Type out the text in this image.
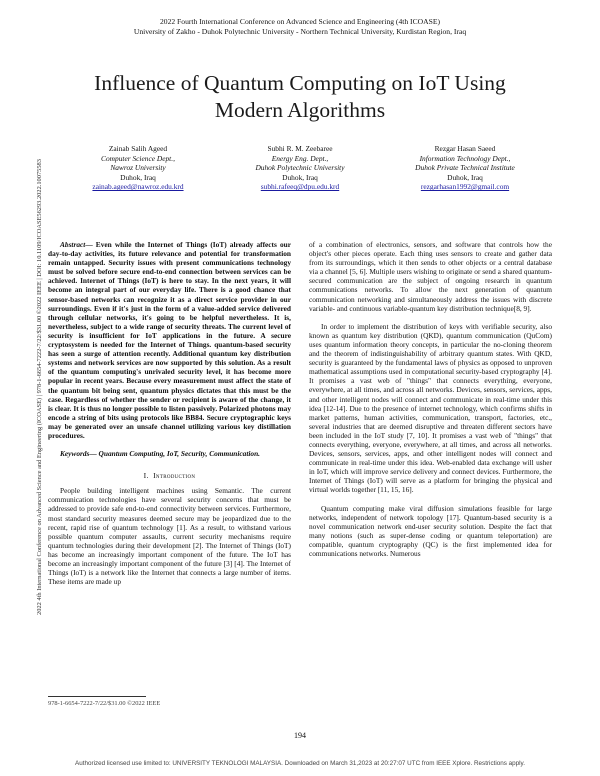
2022 4th International Conference on Advanced Science and Engineering (ICOASE) | 978-1-6654-7222-7/22/$31.00 ©2022 IEEE | DOI: 10.1109/ICOASE56293.2022.10075583
2022 Fourth International Conference on Advanced Science and Engineering (4th ICOASE)
University of Zakho - Duhok Polytechnic University - Northern Technical University, Kurdistan Region, Iraq
Influence of Quantum Computing on IoT Using
Modern Algorithms
Zainab Salih Ageed
Computer Science Dept.,
Nawroz University
Duhok, Iraq
zainab.ageed@nawroz.edu.krd
Subhi R. M. Zeebaree
Energy Eng. Dept.,
Duhok Polytechnic University
Duhok, Iraq
subhi.rafeeq@dpu.edu.krd
Rezgar Hasan Saeed
Information Technology Dept.,
Duhok Private Technical Institute
Duhok, Iraq
rezgarhasan1992@gmail.com

Abstract— Even while the Internet of Things (IoT) already affects our day-to-day activities, its future relevance and potential for transformation remain untapped. Security issues with present communications technology must be solved before secure end-to-end connection between services can be achieved. Internet of Things (IoT) is here to stay. In the next years, it will become an integral part of our everyday life. There is a good chance that sensor-based networks can recognize it as a direct service provider in our surroundings. Even if it's just in the form of a value-added service delivered through cellular networks, it's going to be helpful nevertheless. It is, nevertheless, subject to a wide range of security threats. The current level of security is insufficient for IoT applications in the future. A secure cryptosystem is needed for the Internet of Things. quantum-based security has seen a surge of attention recently. Additional quantum key distribution systems and network services are now supported by this solution. As a result of the quantum computing's unrivaled security level, it has become more popular in recent years. Because every measurement must affect the state of the quantum bit being sent, quantum physics dictates that this must be the case. Regardless of whether the sender or recipient is aware of the change, it is clear. It is thus no longer possible to listen passively. Polarized photons may encode a string of bits using protocols like BB84. Secure cryptographic keys may be generated over an unsafe channel utilizing various key distillation procedures.

Keywords— Quantum Computing, IoT, Security, Communication.

I. Introduction

People building intelligent machines using Semantic. The current communication technologies have several security concerns that must be addressed to provide safe end-to-end connectivity between services. Furthermore, most standard security measures deemed secure may be jeopardized due to the recent, rapid rise of quantum technology [1]. As a result, to withstand various possible quantum computer assaults, current security mechanisms require quantum technologies during their development [2]. The Internet of Things (IoT) has become an increasingly important component of the future. The IoT has become an increasingly important component of the future [3] [4]. The Internet of Things (IoT) is a network like the Internet that connects a large number of items. These items are made up

of a combination of electronics, sensors, and software that controls how the object's other pieces operate. Each thing uses sensors to create and gather data from its surroundings, which it then sends to other objects or a central database via a channel [5, 6]. Multiple users wishing to originate or send a shared quantum-secured communication are the subject of ongoing research in quantum communications networks. To allow the next generation of quantum communication networking and simultaneously address the issues with discrete variable- and continuous variable-quantum key distribution technique[8, 9].

In order to implement the distribution of keys with verifiable security, also known as quantum key distribution (QKD), quantum communication (QuCom) uses quantum information theory concepts, in particular the no-cloning theorem and the theorem of indistinguishability of arbitrary quantum states. With QKD, security is guaranteed by the fundamental laws of physics as opposed to unproven mathematical assumptions used in computational security-based cryptography [4]. It promises a vast web of "things" that connects everything, everyone, everywhere, at all times, and across all networks. Devices, sensors, services, apps, and other intelligent nodes will connect and communicate in real-time under this idea [12-14]. Due to the presence of internet technology, which confirms shifts in market patterns, human activities, communication, transport, factories, etc., several industries that are deemed disruptive and threaten different sectors have been included in the IoT study [7, 10]. It promises a vast web of "things" that connects everything, everyone, everywhere, at all times, and across all networks. Devices, sensors, services, apps, and other intelligent nodes will connect and communicate in real-time under this idea. Web-enabled data exchange will usher in IoT, which will improve service delivery and connect devices. Furthermore, the Internet of Things (IoT) will serve as a platform for bringing the physical and virtual worlds together [11, 15, 16].

Quantum computing make viral diffusion simulations feasible for large networks, independent of network topology [17]. Quantum-based security is a novel communication network end-user security solution. Despite the fact that many notions (such as super-dense coding or quantum teleportation) are compatible, quantum cryptography (QC) is the first implemented idea for communications networks. Numerous

978-1-6654-7222-7/22/$31.00 ©2022 IEEE
194
Authorized licensed use limited to: UNIVERSITY TEKNOLOGI MALAYSIA. Downloaded on March 31,2023 at 20:27:07 UTC from IEEE Xplore. Restrictions apply.
